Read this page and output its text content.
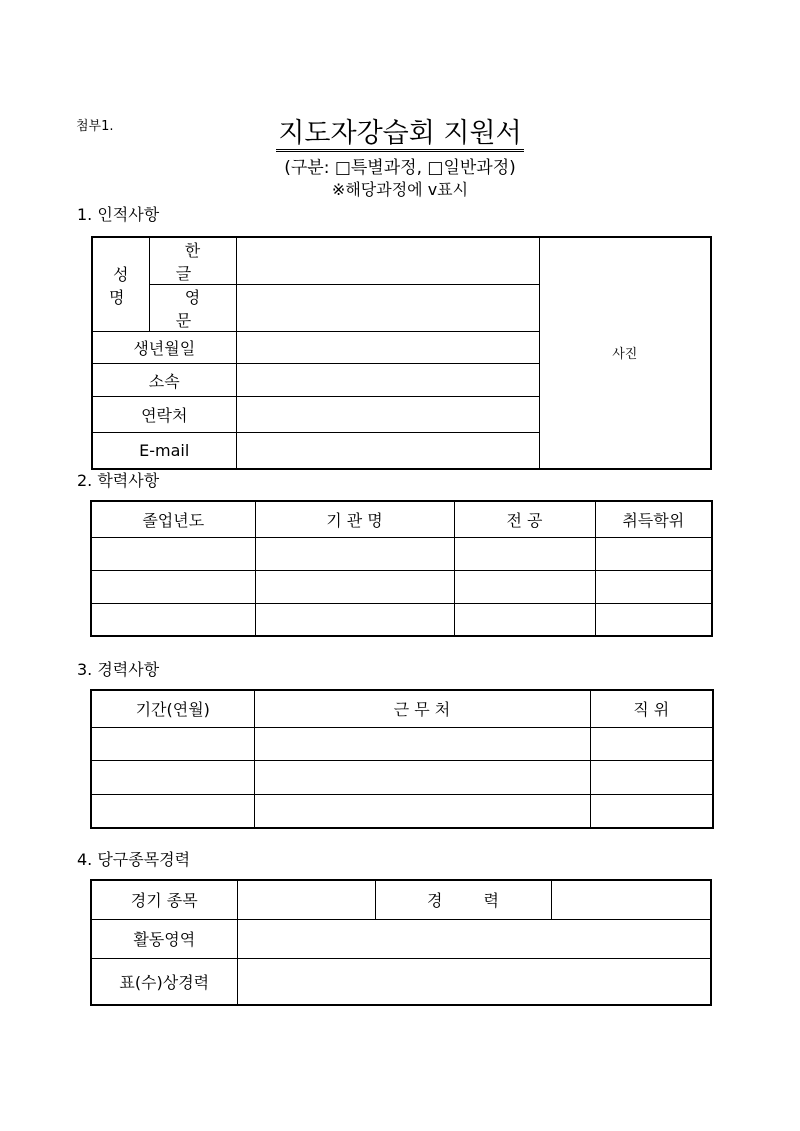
첨부1.	지도자강습회 지원서
(구분: □특별과정, □일반과정)
※해당과정에 v표시
1. 인적사항
성 명	한 글		사진
	영 문		
생년월일			
소속			
연락처			
E-mail			
2. 학력사항
졸업년도	기 관 명	전 공	취득학위

3. 경력사항
기간(연월)	근 무 처	직 위

4. 당구종목경력
경기 종목		경 력	
활동영역			
표(수)상경력			
